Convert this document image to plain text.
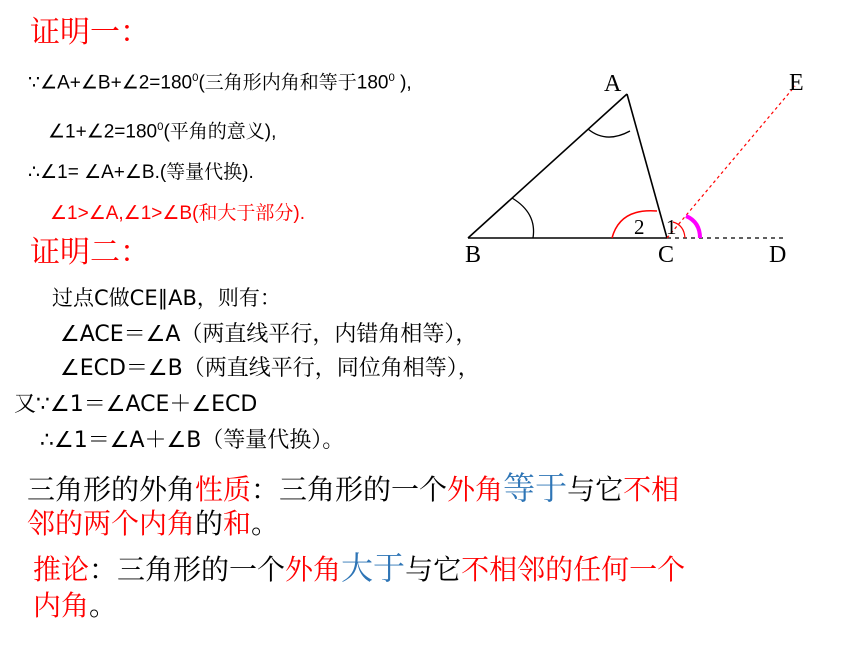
证明一：
$\because\angle A+\angle B+\angle 2=180^0$(三角形内角和等于$180^0$ ),
$\angle 1+\angle 2=180^0$(平角的意义),
∴∠1= ∠A+∠B.(等量代换).
∠1>∠A,∠1>∠B(和大于部分).
A
B	C	D
E
1
2
证明二：
过点C做CE∥AB，则有：
∠ACE＝∠A（两直线平行，内错角相等），
∠ECD＝∠B（两直线平行，同位角相等），
又∵∠1＝∠ACE＋∠ECD
∴∠1＝∠A＋∠B（等量代换）。
三角形的外角性质：三角形的一个外角等于与它不相
邻的两个内角的和。
推论：三角形的一个外角大于与它不相邻的任何一个
内角。
